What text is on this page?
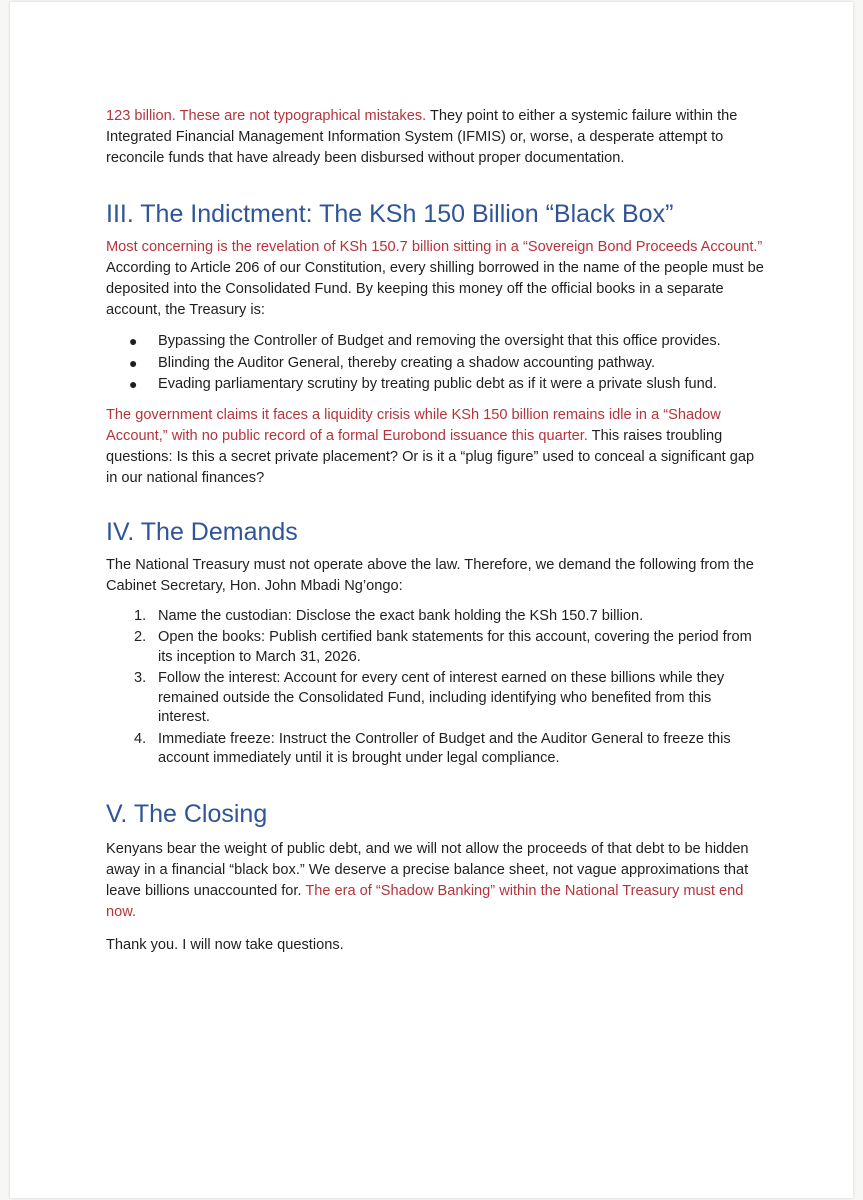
123 billion. These are not typographical mistakes. They point to either a systemic failure within the Integrated Financial Management Information System (IFMIS) or, worse, a desperate attempt to reconcile funds that have already been disbursed without proper documentation.

III. The Indictment: The KSh 150 Billion “Black Box”

Most concerning is the revelation of KSh 150.7 billion sitting in a “Sovereign Bond Proceeds Account.” According to Article 206 of our Constitution, every shilling borrowed in the name of the people must be deposited into the Consolidated Fund. By keeping this money off the official books in a separate account, the Treasury is:

● Bypassing the Controller of Budget and removing the oversight that this office provides.
● Blinding the Auditor General, thereby creating a shadow accounting pathway.
● Evading parliamentary scrutiny by treating public debt as if it were a private slush fund.

The government claims it faces a liquidity crisis while KSh 150 billion remains idle in a “Shadow Account,” with no public record of a formal Eurobond issuance this quarter. This raises troubling questions: Is this a secret private placement? Or is it a “plug figure” used to conceal a significant gap in our national finances?

IV. The Demands

The National Treasury must not operate above the law. Therefore, we demand the following from the Cabinet Secretary, Hon. John Mbadi Ng’ongo:

1. Name the custodian: Disclose the exact bank holding the KSh 150.7 billion.
2. Open the books: Publish certified bank statements for this account, covering the period from its inception to March 31, 2026.
3. Follow the interest: Account for every cent of interest earned on these billions while they remained outside the Consolidated Fund, including identifying who benefited from this interest.
4. Immediate freeze: Instruct the Controller of Budget and the Auditor General to freeze this account immediately until it is brought under legal compliance.
V. The Closing

Kenyans bear the weight of public debt, and we will not allow the proceeds of that debt to be hidden away in a financial “black box.” We deserve a precise balance sheet, not vague approximations that leave billions unaccounted for. The era of “Shadow Banking” within the National Treasury must end now.

Thank you. I will now take questions.
